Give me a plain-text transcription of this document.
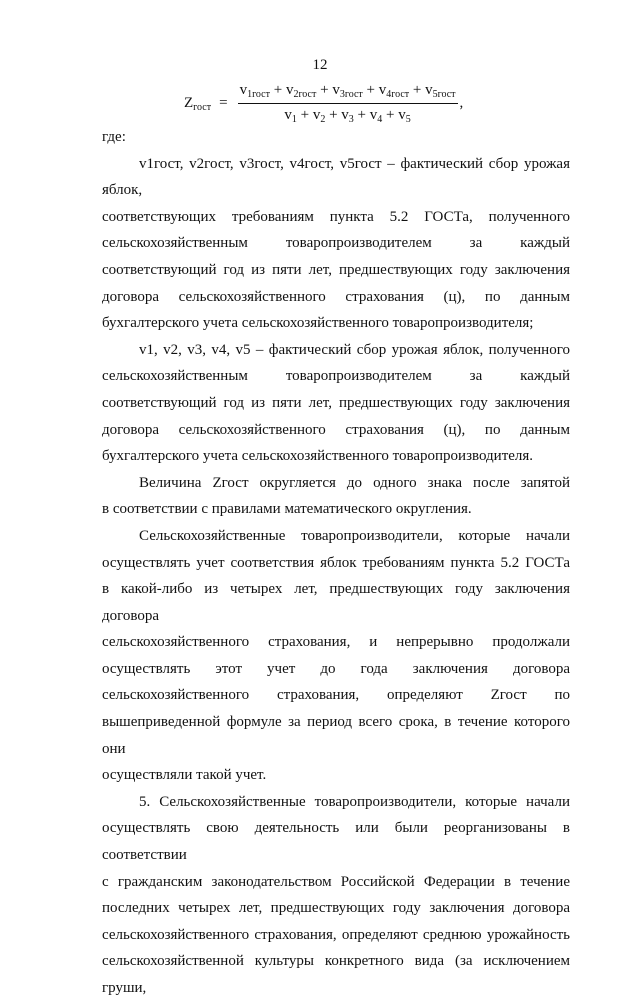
12
$Z_{гост} = \frac{v_{1гост} + v_{2гост} + v_{3гост} + v_{4гост} + v_{5гост}}{v_1 + v_2 + v_3 + v_4 + v_5}$ ,

где:

v1гост, v2гост, v3гост, v4гост, v5гост – фактический сбор урожая яблок,

соответствующих требованиям пункта 5.2 ГОСТа, полученного

сельскохозяйственным товаропроизводителем за каждый

соответствующий год из пяти лет, предшествующих году заключения

договора сельскохозяйственного страхования (ц), по данным

бухгалтерского учета сельскохозяйственного товаропроизводителя;

v1, v2, v3, v4, v5 – фактический сбор урожая яблок, полученного

сельскохозяйственным товаропроизводителем за каждый

соответствующий год из пяти лет, предшествующих году заключения

договора сельскохозяйственного страхования (ц), по данным

бухгалтерского учета сельскохозяйственного товаропроизводителя.

Величина Zгост округляется до одного знака после запятой

в соответствии с правилами математического округления.

Сельскохозяйственные товаропроизводители, которые начали

осуществлять учет соответствия яблок требованиям пункта 5.2 ГОСТа

в какой-либо из четырех лет, предшествующих году заключения договора

сельскохозяйственного страхования, и непрерывно продолжали

осуществлять этот учет до года заключения договора

сельскохозяйственного страхования, определяют Zгост по

вышеприведенной формуле за период всего срока, в течение которого они

осуществляли такой учет.

5. Сельскохозяйственные товаропроизводители, которые начали

осуществлять свою деятельность или были реорганизованы в соответствии

с гражданским законодательством Российской Федерации в течение

последних четырех лет, предшествующих году заключения договора

сельскохозяйственного страхования, определяют среднюю урожайность

сельскохозяйственной культуры конкретного вида (за исключением груши,
